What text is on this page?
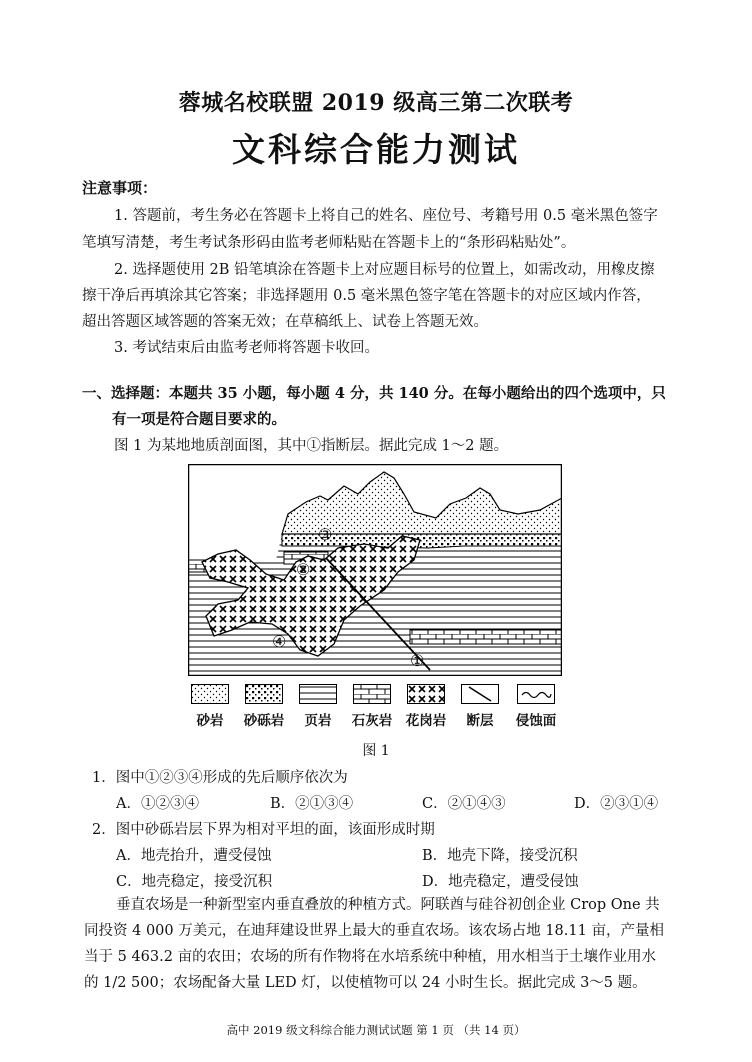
蓉城名校联盟 2019 级高三第二次联考
文科综合能力测试
注意事项：
1. 答题前，考生务必在答题卡上将自己的姓名、座位号、考籍号用 0.5 毫米黑色签字
笔填写清楚，考生考试条形码由监考老师粘贴在答题卡上的“条形码粘贴处”。
2. 选择题使用 2B 铅笔填涂在答题卡上对应题目标号的位置上，如需改动，用橡皮擦
擦干净后再填涂其它答案；非选择题用 0.5 毫米黑色签字笔在答题卡的对应区域内作答，
超出答题区域答题的答案无效；在草稿纸上、试卷上答题无效。
3. 考试结束后由监考老师将答题卡收回。
一、选择题：本题共 35 小题，每小题 4 分，共 140 分。在每小题给出的四个选项中，只
有一项是符合题目要求的。
图 1 为某地地质剖面图，其中①指断层。据此完成 1～2 题。
③
②
④
①
砂岩	砂砾岩	页岩	石灰岩 花岗岩	断层	侵蚀面
图 1
1．图中①②③④形成的先后顺序依次为
A．①②③④	B．②①③④	C．②①④③	D．②③①④
2．图中砂砾岩层下界为相对平坦的面，该面形成时期
A．地壳抬升，遭受侵蚀	B．地壳下降，接受沉积
C．地壳稳定，接受沉积	D．地壳稳定，遭受侵蚀
垂直农场是一种新型室内垂直叠放的种植方式。阿联酋与硅谷初创企业 Crop One 共
同投资 4 000 万美元，在迪拜建设世界上最大的垂直农场。该农场占地 18.11 亩，产量相
当于 5 463.2 亩的农田；农场的所有作物将在水培系统中种植，用水相当于土壤作业用水
的 1/2 500；农场配备大量 LED 灯，以使植物可以 24 小时生长。据此完成 3～5 题。
高中 2019 级文科综合能力测试试题 第 1 页 （共 14 页）
